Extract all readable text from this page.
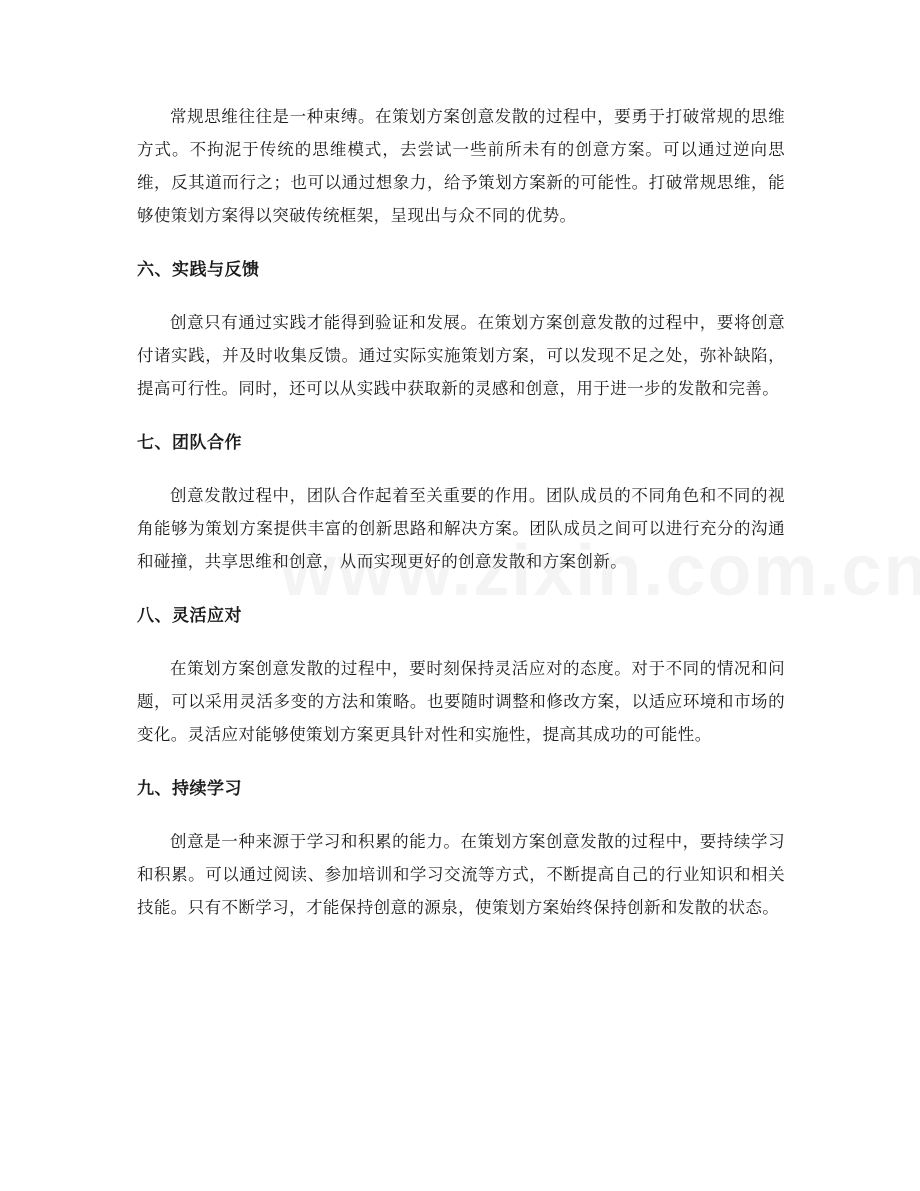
常规思维往往是一种束缚。在策划方案创意发散的过程中，要勇于打破常规的思维方式。不拘泥于传统的思维模式，去尝试一些前所未有的创意方案。可以通过逆向思维，反其道而行之；也可以通过想象力，给予策划方案新的可能性。打破常规思维，能够使策划方案得以突破传统框架，呈现出与众不同的优势。

六、实践与反馈

创意只有通过实践才能得到验证和发展。在策划方案创意发散的过程中，要将创意付诸实践，并及时收集反馈。通过实际实施策划方案，可以发现不足之处，弥补缺陷，提高可行性。同时，还可以从实践中获取新的灵感和创意，用于进一步的发散和完善。

七、团队合作

创意发散过程中，团队合作起着至关重要的作用。团队成员的不同角色和不同的视角能够为策划方案提供丰富的创新思路和解决方案。团队成员之间可以进行充分的沟通和碰撞，共享思维和创意，从而实现更好的创意发散和方案创新。

八、灵活应对

在策划方案创意发散的过程中，要时刻保持灵活应对的态度。对于不同的情况和问题，可以采用灵活多变的方法和策略。也要随时调整和修改方案，以适应环境和市场的变化。灵活应对能够使策划方案更具针对性和实施性，提高其成功的可能性。

九、持续学习

创意是一种来源于学习和积累的能力。在策划方案创意发散的过程中，要持续学习和积累。可以通过阅读、参加培训和学习交流等方式，不断提高自己的行业知识和相关技能。只有不断学习，才能保持创意的源泉，使策划方案始终保持创新和发散的状态。
